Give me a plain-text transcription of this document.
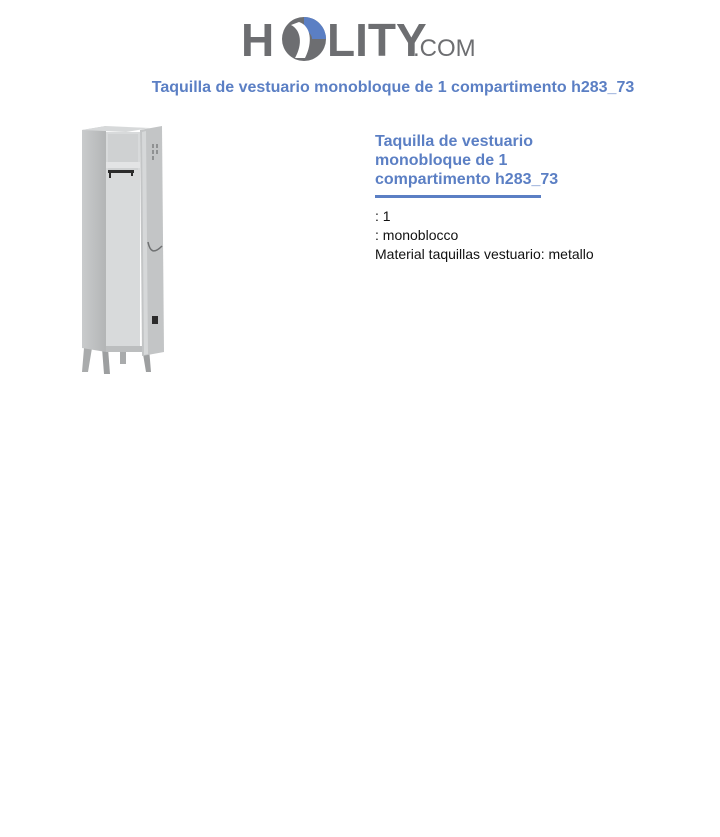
H LITY
.COM
Taquilla de vestuario monobloque de 1 compartimento h283_73
Taquilla de vestuario
monobloque de 1
compartimento h283_73
: 1
: monoblocco
Material taquillas vestuario: metallo
